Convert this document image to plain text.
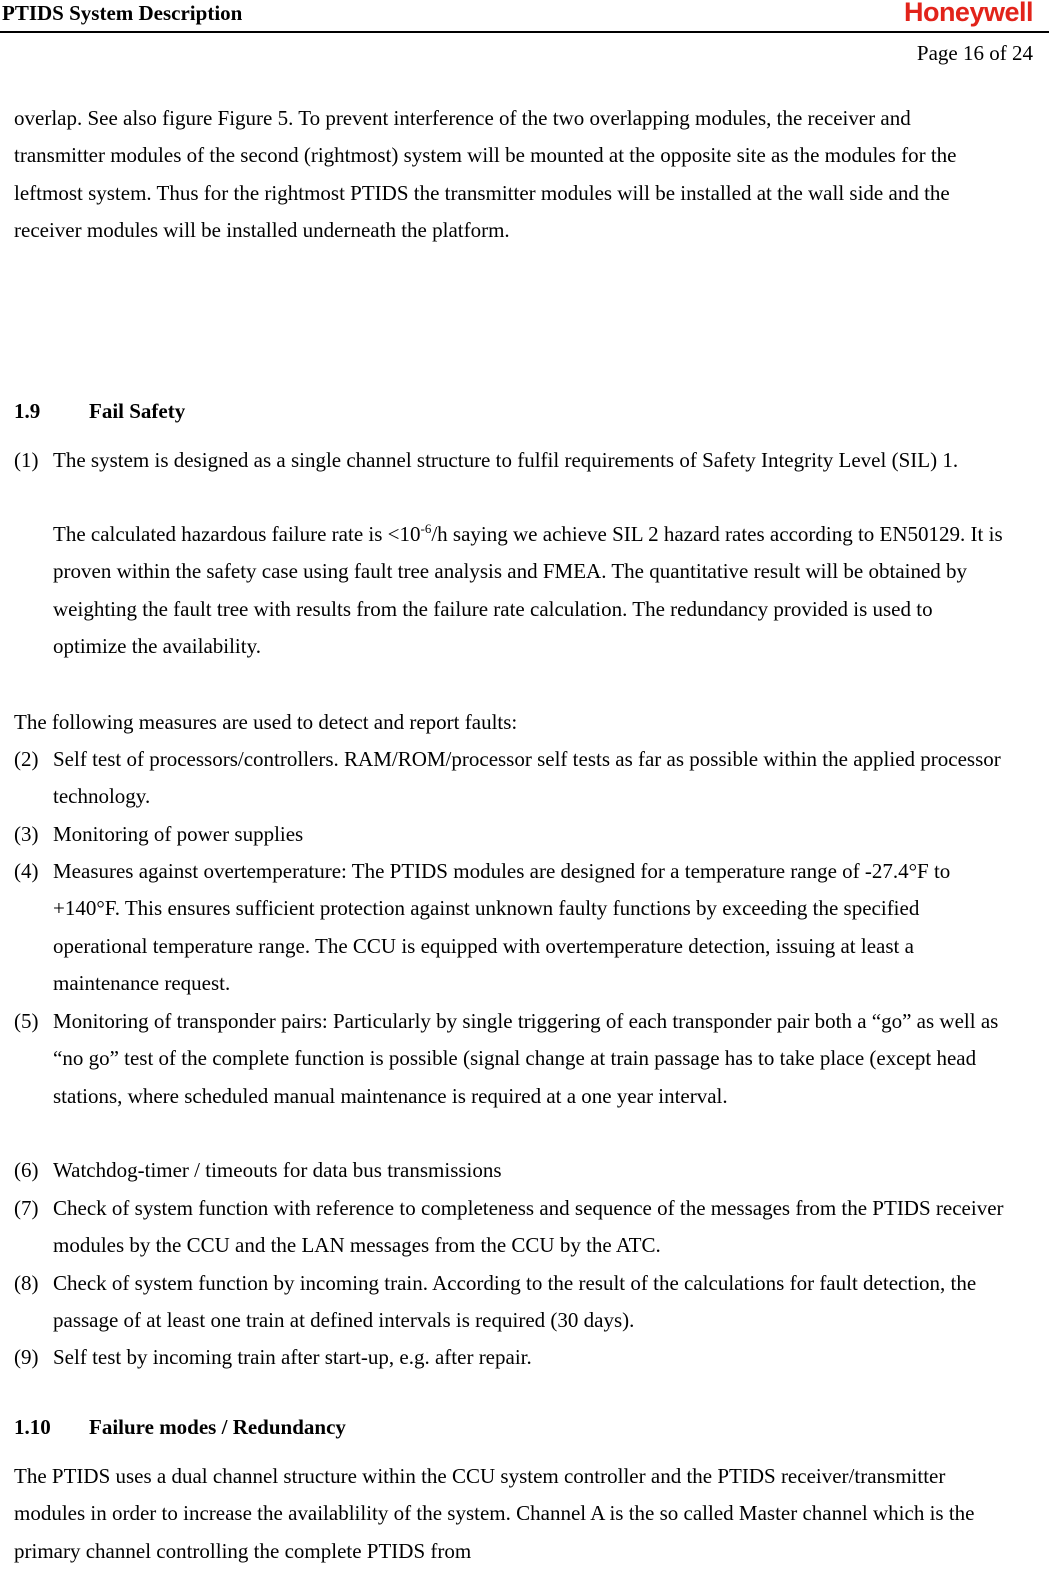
PTIDS System Description	Honeywell
Page 16 of 24

overlap. See also figure Figure 5. To prevent interference of the two overlapping modules, the receiver and transmitter modules of the second (rightmost) system will be mounted at the opposite site as the modules for the leftmost system. Thus for the rightmost PTIDS the transmitter modules will be installed at the wall side and the receiver modules will be installed underneath the platform.

1.9 Fail Safety
(1) The system is designed as a single channel structure to fulfil requirements of Safety Integrity Level (SIL) 1.
The calculated hazardous failure rate is $<10^{-6}/h$ saying we achieve SIL 2 hazard rates according to EN50129. It is proven within the safety case using fault tree analysis and FMEA. The quantitative result will be obtained by weighting the fault tree with results from the failure rate calculation. The redundancy provided is used to optimize the availability.

The following measures are used to detect and report faults:

(2) Self test of processors/controllers. RAM/ROM/processor self tests as far as possible within the applied processor technology.
(3) Monitoring of power supplies
(4) Measures against overtemperature: The PTIDS modules are designed for a temperature range of -27.4°F to +140°F. This ensures sufficient protection against unknown faulty functions by exceeding the specified operational temperature range. The CCU is equipped with overtemperature detection, issuing at least a maintenance request.
(5) Monitoring of transponder pairs: Particularly by single triggering of each transponder pair both a “go” as well as “no go” test of the complete function is possible (signal change at train passage has to take place (except head stations, where scheduled manual maintenance is required at a one year interval.
(6) Watchdog-timer / timeouts for data bus transmissions
(7) Check of system function with reference to completeness and sequence of the messages from the PTIDS receiver modules by the CCU and the LAN messages from the CCU by the ATC.
(8) Check of system function by incoming train. According to the result of the calculations for fault detection, the passage of at least one train at defined intervals is required (30 days).
(9) Self test by incoming train after start-up, e.g. after repair.
1.10 Failure modes / Redundancy

The PTIDS uses a dual channel structure within the CCU system controller and the PTIDS receiver/transmitter modules in order to increase the availablility of the system. Channel A is the so called Master channel which is the primary channel controlling the complete PTIDS from
